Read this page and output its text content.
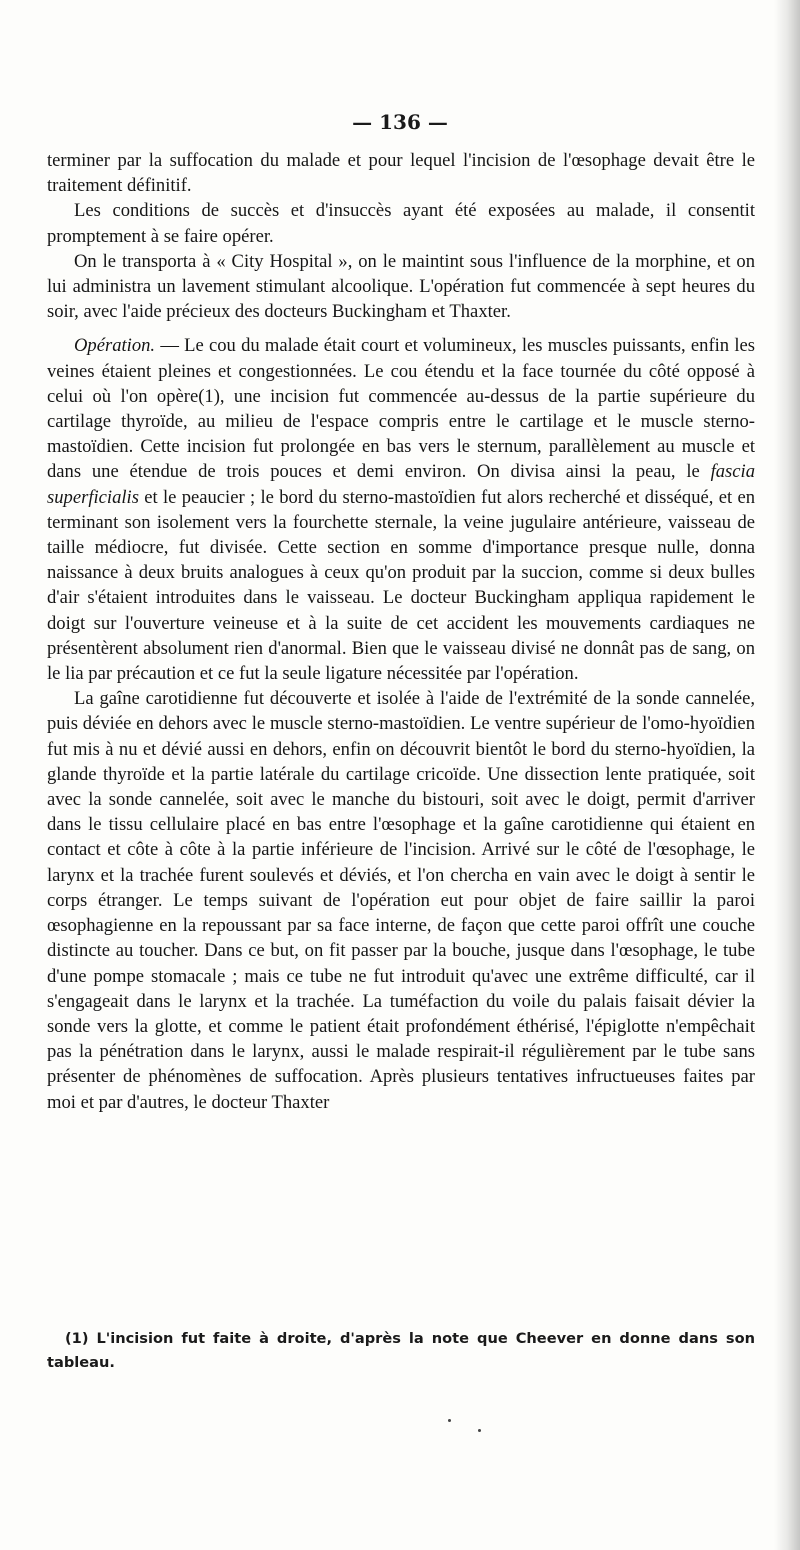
— 136 —

terminer par la suffocation du malade et pour lequel l'incision de l'œsophage devait être le traitement définitif.

Les conditions de succès et d'insuccès ayant été exposées au malade, il consentit promptement à se faire opérer.

On le transporta à « City Hospital », on le maintint sous l'influence de la morphine, et on lui administra un lavement stimulant alcoolique. L'opération fut commencée à sept heures du soir, avec l'aide précieux des docteurs Buckingham et Thaxter.

Opération. — Le cou du malade était court et volumineux, les muscles puissants, enfin les veines étaient pleines et congestionnées. Le cou étendu et la face tournée du côté opposé à celui où l'on opère(1), une incision fut commencée au-dessus de la partie supérieure du cartilage thyroïde, au milieu de l'espace compris entre le cartilage et le muscle sterno-mastoïdien. Cette incision fut prolongée en bas vers le sternum, parallèlement au muscle et dans une étendue de trois pouces et demi environ. On divisa ainsi la peau, le fascia superficialis et le peaucier ; le bord du sterno-mastoïdien fut alors recherché et disséqué, et en terminant son isolement vers la fourchette sternale, la veine jugulaire antérieure, vaisseau de taille médiocre, fut divisée. Cette section en somme d'importance presque nulle, donna naissance à deux bruits analogues à ceux qu'on produit par la succion, comme si deux bulles d'air s'étaient introduites dans le vaisseau. Le docteur Buckingham appliqua rapidement le doigt sur l'ouverture veineuse et à la suite de cet accident les mouvements cardiaques ne présentèrent absolument rien d'anormal. Bien que le vaisseau divisé ne donnât pas de sang, on le lia par précaution et ce fut la seule ligature nécessitée par l'opération.

La gaîne carotidienne fut découverte et isolée à l'aide de l'extrémité de la sonde cannelée, puis déviée en dehors avec le muscle sterno-mastoïdien. Le ventre supérieur de l'omo-hyoïdien fut mis à nu et dévié aussi en dehors, enfin on découvrit bientôt le bord du sterno-hyoïdien, la glande thyroïde et la partie latérale du cartilage cricoïde. Une dissection lente pratiquée, soit avec la sonde cannelée, soit avec le manche du bistouri, soit avec le doigt, permit d'arriver dans le tissu cellulaire placé en bas entre l'œsophage et la gaîne carotidienne qui étaient en contact et côte à côte à la partie inférieure de l'incision. Arrivé sur le côté de l'œsophage, le larynx et la trachée furent soulevés et déviés, et l'on chercha en vain avec le doigt à sentir le corps étranger. Le temps suivant de l'opération eut pour objet de faire saillir la paroi œsophagienne en la repoussant par sa face interne, de façon que cette paroi offrît une couche distincte au toucher. Dans ce but, on fit passer par la bouche, jusque dans l'œsophage, le tube d'une pompe stomacale ; mais ce tube ne fut introduit qu'avec une extrême difficulté, car il s'engageait dans le larynx et la trachée. La tuméfaction du voile du palais faisait dévier la sonde vers la glotte, et comme le patient était profondément éthérisé, l'épiglotte n'empêchait pas la pénétration dans le larynx, aussi le malade respirait-il régulièrement par le tube sans présenter de phénomènes de suffocation. Après plusieurs tentatives infructueuses faites par moi et par d'autres, le docteur Thaxter

(1) L'incision fut faite à droite, d'après la note que Cheever en donne dans son tableau.
